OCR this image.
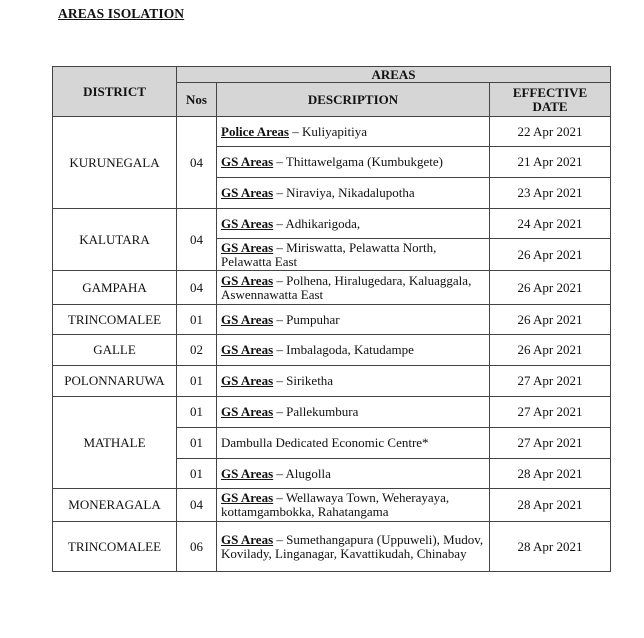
AREAS ISOLATION
DISTRICT	AREAS		
	Nos	DESCRIPTION	EFFECTIVE
DATE
KURUNEGALA	04	Police Areas – Kuliyapitiya	22 Apr 2021
		GS Areas – Thittawelgama (Kumbukgete)	21 Apr 2021
		GS Areas – Niraviya, Nikadalupotha	23 Apr 2021
KALUTARA	04	GS Areas – Adhikarigoda,	24 Apr 2021
		GS Areas – Miriswatta, Pelawatta North, Pelawatta East	26 Apr 2021
GAMPAHA	04	GS Areas – Polhena, Hiralugedara, Kaluaggala, Aswennawatta East	26 Apr 2021
TRINCOMALEE	01	GS Areas – Pumpuhar	26 Apr 2021
GALLE	02	GS Areas – Imbalagoda, Katudampe	26 Apr 2021
POLONNARUWA	01	GS Areas – Siriketha	27 Apr 2021
MATHALE	01	GS Areas – Pallekumbura	27 Apr 2021
	01	Dambulla Dedicated Economic Centre*	27 Apr 2021
	01	GS Areas – Alugolla	28 Apr 2021
MONERAGALA	04	GS Areas – Wellawaya Town, Weherayaya, kottamgambokka, Rahatangama	28 Apr 2021
TRINCOMALEE	06	GS Areas – Sumethangapura (Uppuweli), Mudov, Kovilady, Linganagar, Kavattikudah, Chinabay	28 Apr 2021
